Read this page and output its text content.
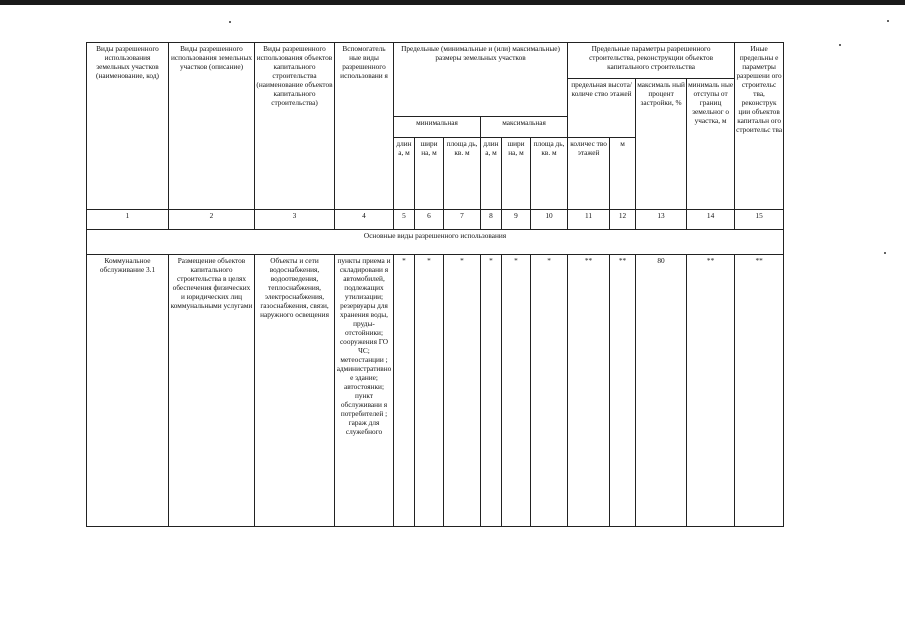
Виды разрешенного использования земельных участков (наименование, код)	Виды разрешенного использования земельных участков (описание)	Виды разрешенного использования объектов капитального строительства (наименование объектов капитального строительства)	Вспомогатель ные виды разрешенного использовани я	Предельные (минимальные и (или) максимальные) размеры земельных участков						Предельные параметры разрешенного строительства, реконструкции объектов капитального строительства				Иные предельны е параметры разрешени ого строительс тва, реконструк ции объектов капитальн ого строительс тва
										предельная высота/количе ство этажей		максималь ный процент застройки, %	минималь ные отступы от границ земельног о участка, м	
				минимальная			максимальная							
				длин а, м	шири на, м	площа дь, кв. м	длин а, м	шири на, м	площа дь, кв. м	количес тво этажей	м			
1	2	3	4	5	6	7	8	9	10	11	12	13	14	15
Основные виды разрешенного использования														
Коммунальное обслуживание 3.1	Размещение объектов капитального строительства в целях обеспечения физических и юридических лиц коммунальными услугами	Объекты и сети водоснабжения, водоотведения, теплоснабжения, электроснабжения, газоснабжения, связи, наружного освещения	пункты приема и складировани я автомобилей, подлежащих утилизации; резервуары для хранения воды, пруды-отстойники; сооружения ГО ЧС; метеостанции ; административное здание; автостоянки; пункт обслуживани я потребителей ; гараж для служебного	*	*	*	*	*	*	**	**	80	**	**
